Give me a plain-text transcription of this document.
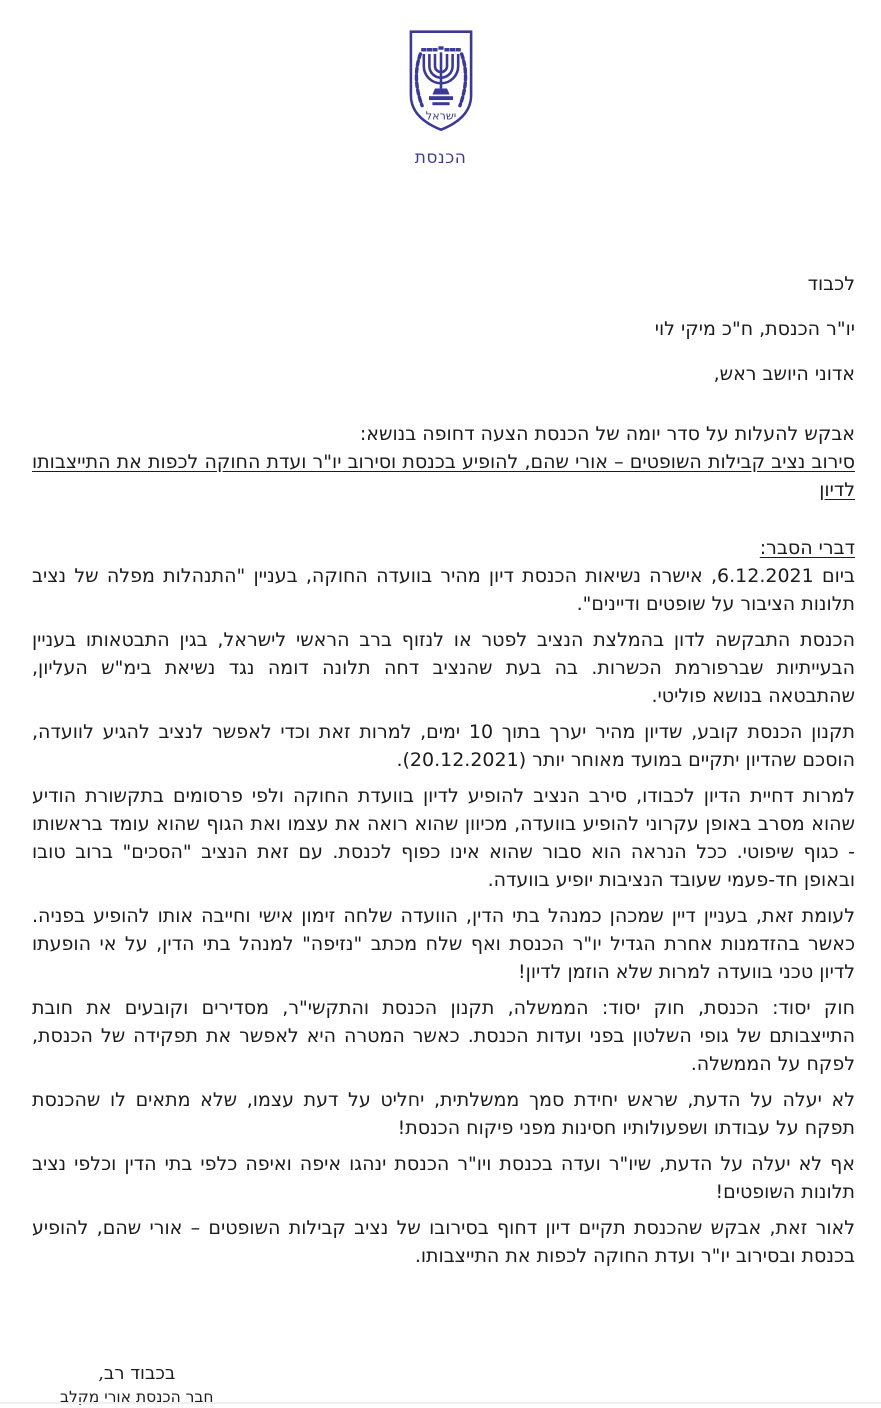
ישראל
הכנסת
לכבוד
יו"ר הכנסת, ח"כ מיקי לוי
אדוני היושב ראש,
אבקש להעלות על סדר יומה של הכנסת הצעה דחופה בנושא:
סירוב נציב קבילות השופטים – אורי שהם, להופיע בכנסת וסירוב יו"ר ועדת החוקה לכפות את התייצבותו לדיון
דברי הסבר:

ביום 6.12.2021, אישרה נשיאות הכנסת דיון מהיר בוועדה החוקה, בעניין "התנהלות מפלה של נציב תלונות הציבור על שופטים ודיינים".

הכנסת התבקשה לדון בהמלצת הנציב לפטר או לנזוף ברב הראשי לישראל, בגין התבטאותו בעניין הבעייתיות שברפורמת הכשרות. בה בעת שהנציב דחה תלונה דומה נגד נשיאת בימ"ש העליון, שהתבטאה בנושא פוליטי.

תקנון הכנסת קובע, שדיון מהיר יערך בתוך 10 ימים, למרות זאת וכדי לאפשר לנציב להגיע לוועדה, הוסכם שהדיון יתקיים במועד מאוחר יותר (20.12.2021).

למרות דחיית הדיון לכבודו, סירב הנציב להופיע לדיון בוועדת החוקה ולפי פרסומים בתקשורת הודיע שהוא מסרב באופן עקרוני להופיע בוועדה, מכיוון שהוא רואה את עצמו ואת הגוף שהוא עומד בראשותו - כגוף שיפוטי. ככל הנראה הוא סבור שהוא אינו כפוף לכנסת. עם זאת הנציב "הסכים" ברוב טובו ובאופן חד-פעמי שעובד הנציבות יופיע בוועדה.

לעומת זאת, בעניין דיין שמכהן כמנהל בתי הדין, הוועדה שלחה זימון אישי וחייבה אותו להופיע בפניה. כאשר בהזדמנות אחרת הגדיל יו"ר הכנסת ואף שלח מכתב "נזיפה" למנהל בתי הדין, על אי הופעתו לדיון טכני בוועדה למרות שלא הוזמן לדיון!

חוק יסוד: הכנסת, חוק יסוד: הממשלה, תקנון הכנסת והתקשי"ר, מסדירים וקובעים את חובת התייצבותם של גופי השלטון בפני ועדות הכנסת. כאשר המטרה היא לאפשר את תפקידה של הכנסת, לפקח על הממשלה.

לא יעלה על הדעת, שראש יחידת סמך ממשלתית, יחליט על דעת עצמו, שלא מתאים לו שהכנסת תפקח על עבודתו ושפעולותיו חסינות מפני פיקוח הכנסת!

אף לא יעלה על הדעת, שיו"ר ועדה בכנסת ויו"ר הכנסת ינהגו איפה ואיפה כלפי בתי הדין וכלפי נציב תלונות השופטים!

לאור זאת, אבקש שהכנסת תקיים דיון דחוף בסירובו של נציב קבילות השופטים – אורי שהם, להופיע בכנסת ובסירוב יו"ר ועדת החוקה לכפות את התייצבותו.

בכבוד רב,
חבר הכנסת אורי מקלב
